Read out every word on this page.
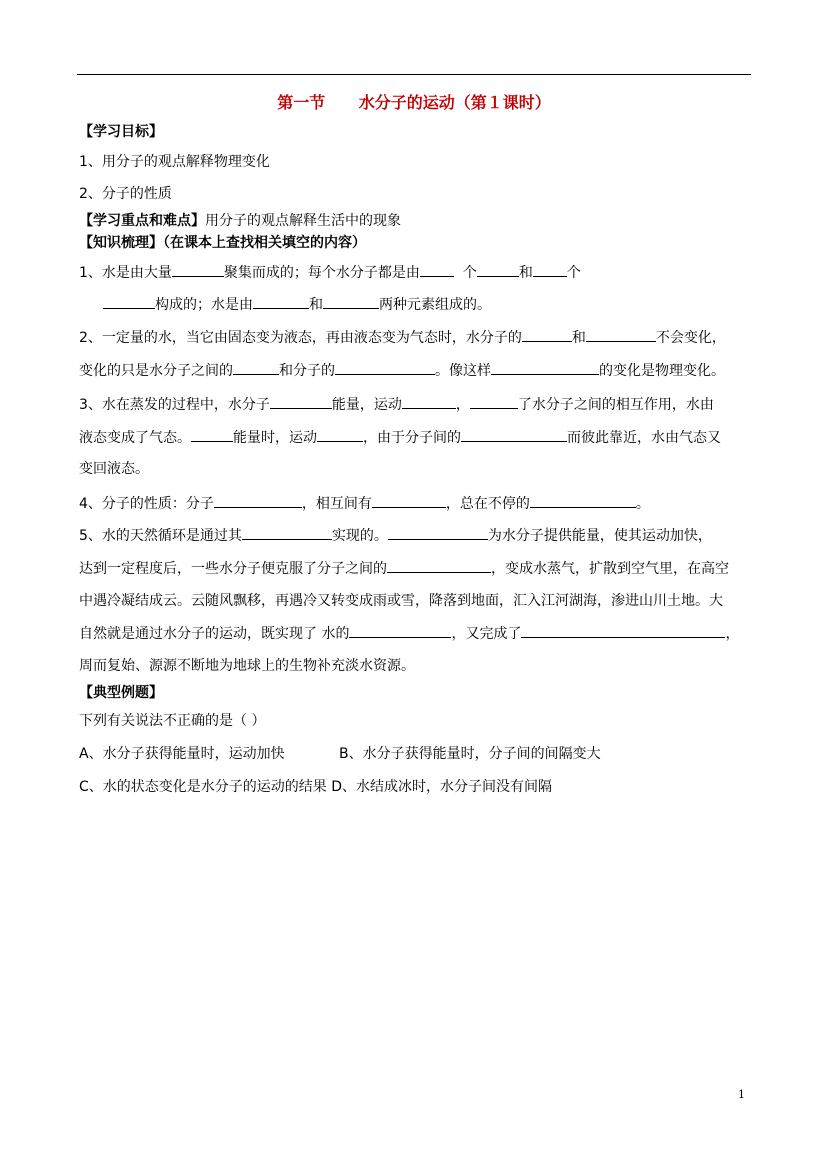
第一节      水分子的运动（第１课时）
【学习目标】
1、用分子的观点解释物理变化
2、分子的性质
【学习重点和难点】用分子的观点解释生活中的现象
【知识梳理】（在课本上查找相关填空的内容）
1、水是由大量	聚集而成的；每个水分子都是由	个	和 个
构成的；水是由	和	两种元素组成的。
2、一定量的水，当它由固态变为液态，再由液态变为气态时，水分子的	和	不会变化，
变化的只是水分子之间的	和分子的	。像这样	的变化是物理变化。
3、水在蒸发的过程中，水分子	能量，运动	，	了水分子之间的相互作用，水由
液态变成了气态。	能量时，运动	，由于分子间的	而彼此靠近，水由气态又
变回液态。
4、分子的性质：分子	，相互间有	，总在不停的	。
5、水的天然循环是通过其	实现的。	为水分子提供能量，使其运动加快，
达到一定程度后，一些水分子便克服了分子之间的	，变成水蒸气，扩散到空气里，在高空
中遇冷凝结成云。云随风飘移，再遇冷又转变成雨或雪，降落到地面，汇入江河湖海，渗进山川土地。大
自然就是通过水分子的运动，既实现了 水的	，又完成了	，
周而复始、源源不断地为地球上的生物补充淡水资源。
【典型例题】
下列有关说法不正确的是（ ）
A、水分子获得能量时，运动加快	B、水分子获得能量时，分子间的间隔变大
C、水的状态变化是水分子的运动的结果 D、水结成冰时，水分子间没有间隔
1
